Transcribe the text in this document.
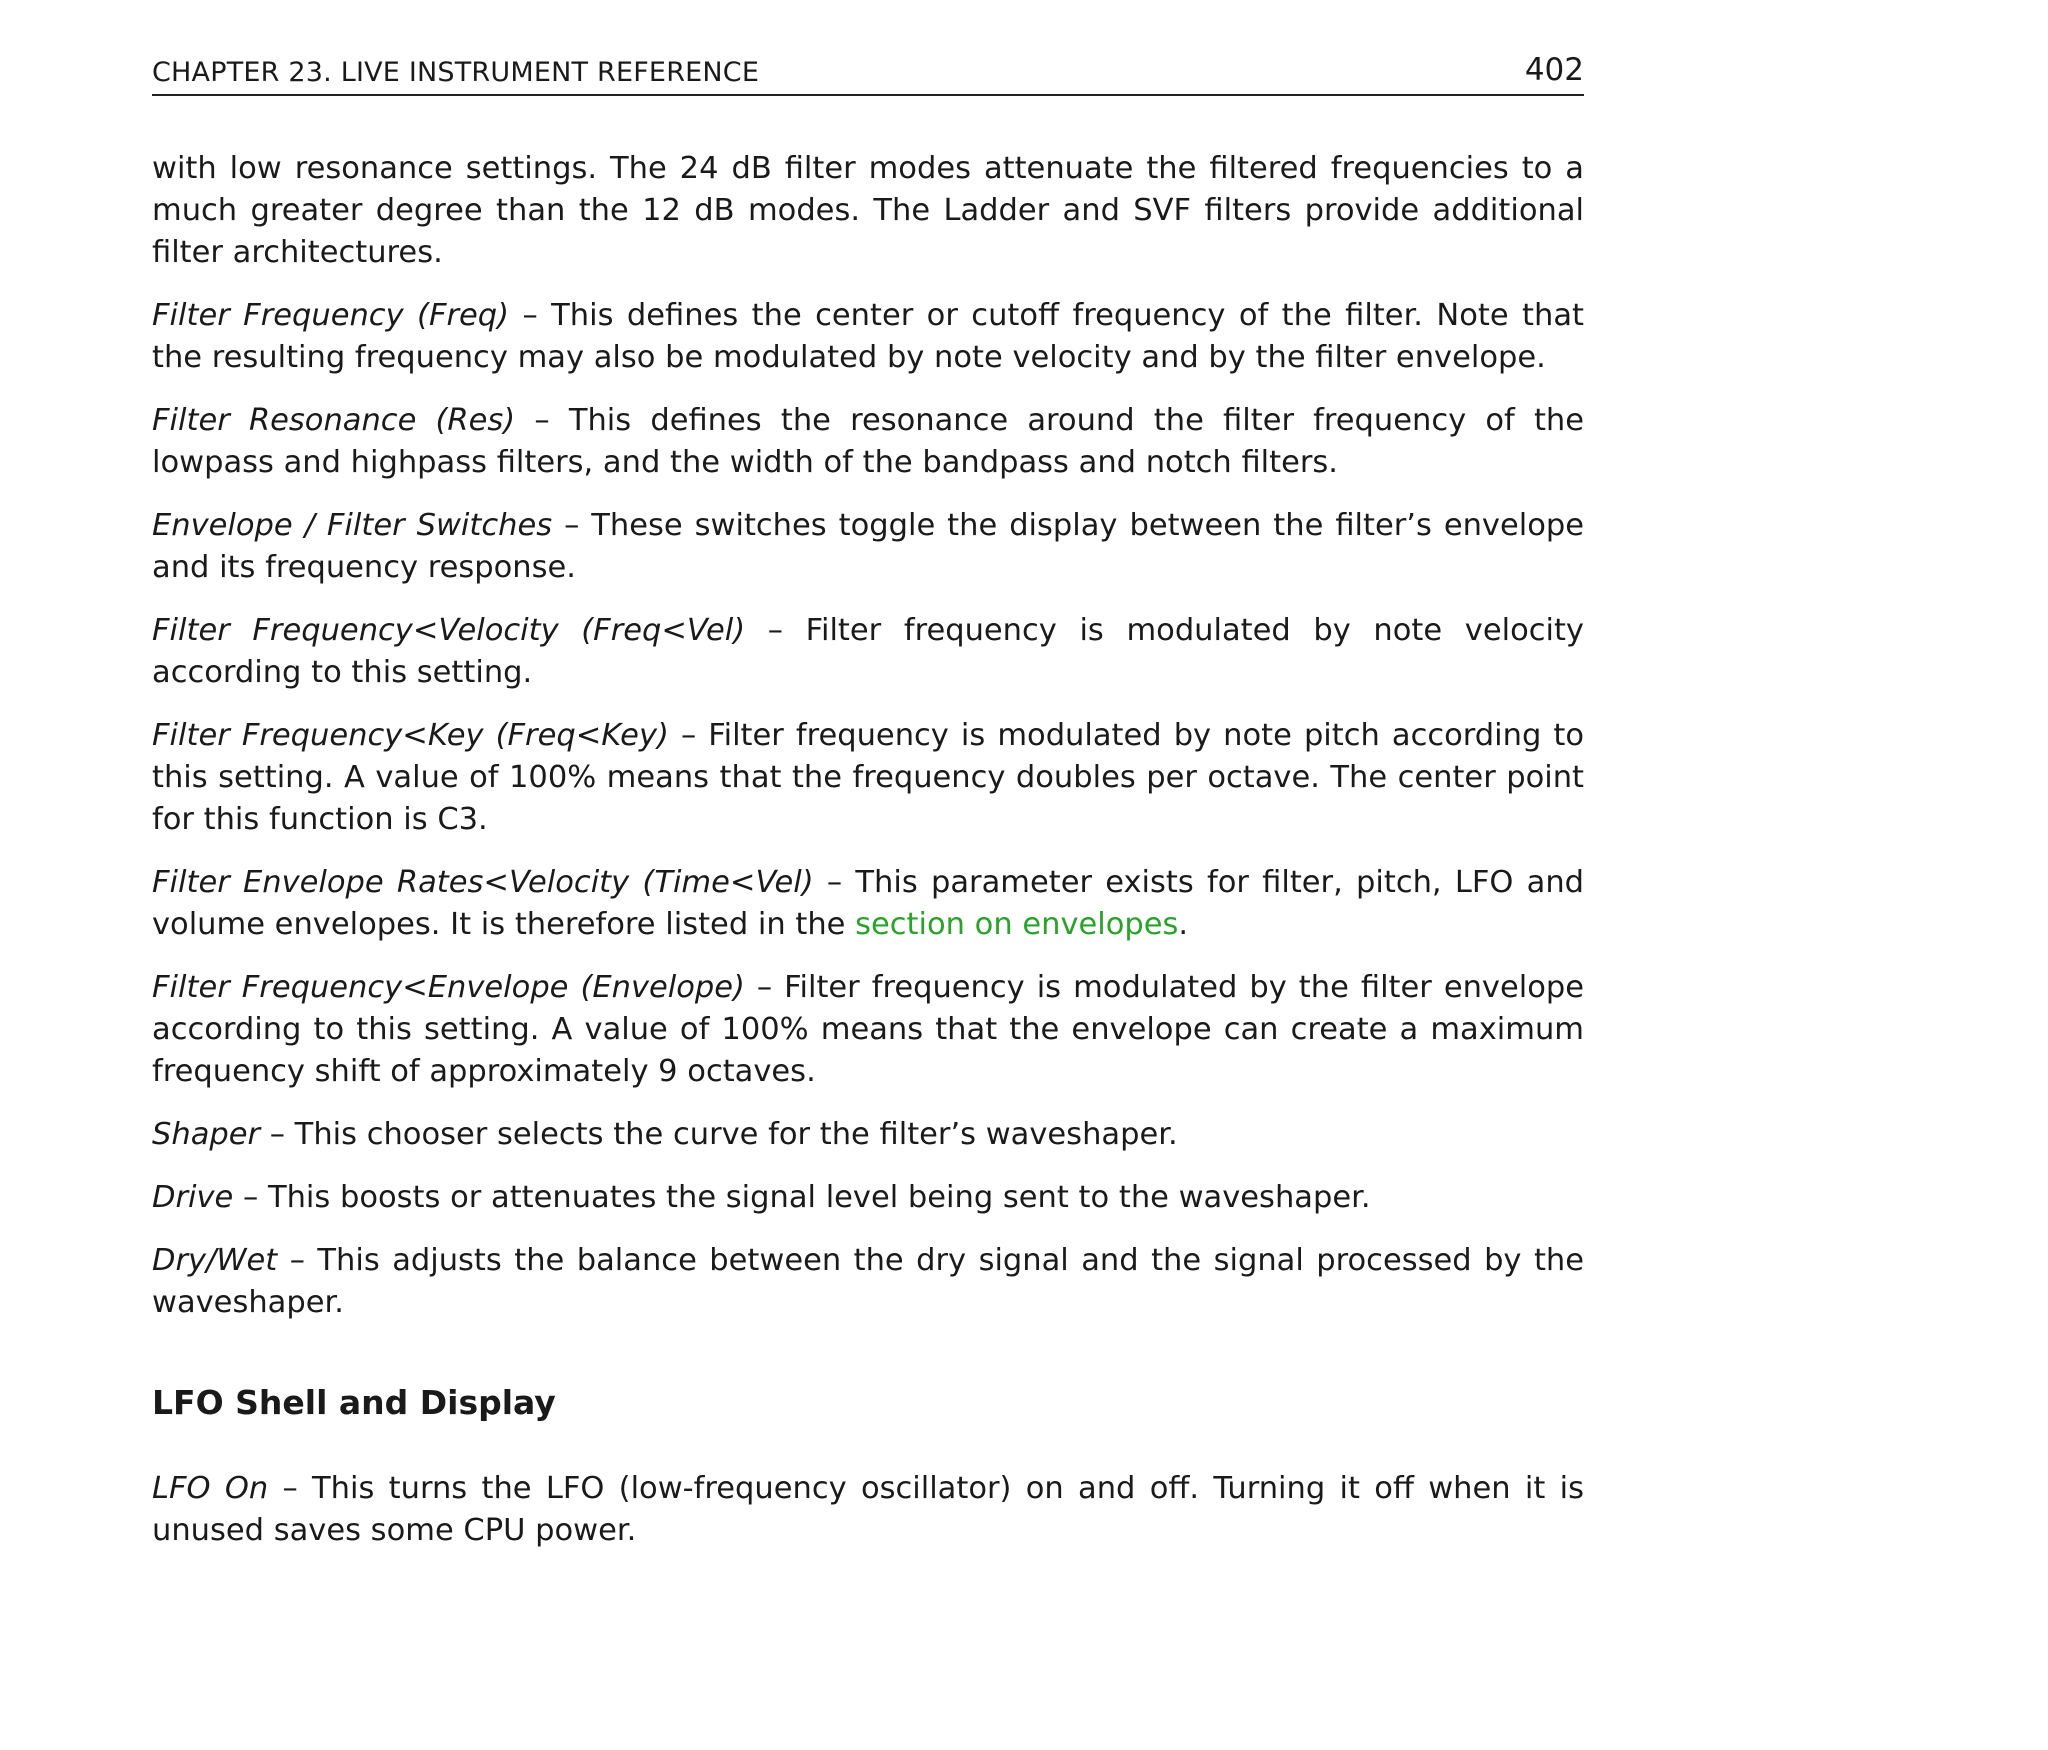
CHAPTER 23. LIVE INSTRUMENT REFERENCE	402

with low resonance settings. The 24 dB filter modes attenuate the filtered frequencies to a much greater degree than the 12 dB modes. The Ladder and SVF filters provide additional filter architectures.

Filter Frequency (Freq) – This defines the center or cutoff frequency of the filter. Note that the resulting frequency may also be modulated by note velocity and by the filter envelope.

Filter Resonance (Res) – This defines the resonance around the filter frequency of the lowpass and highpass filters, and the width of the bandpass and notch filters.

Envelope / Filter Switches – These switches toggle the display between the filter’s envelope and its frequency response.

Filter Frequency<Velocity (Freq<Vel) – Filter frequency is modulated by note velocity according to this setting.

Filter Frequency<Key (Freq<Key) – Filter frequency is modulated by note pitch according to this setting. A value of 100% means that the frequency doubles per octave. The center point for this function is C3.

Filter Envelope Rates<Velocity (Time<Vel) – This parameter exists for filter, pitch, LFO and volume envelopes. It is therefore listed in the section on envelopes.

Filter Frequency<Envelope (Envelope) – Filter frequency is modulated by the filter envelope according to this setting. A value of 100% means that the envelope can create a maximum frequency shift of approximately 9 octaves.

Shaper – This chooser selects the curve for the filter’s waveshaper.

Drive – This boosts or attenuates the signal level being sent to the waveshaper.

Dry/Wet – This adjusts the balance between the dry signal and the signal processed by the waveshaper.

LFO Shell and Display

LFO On – This turns the LFO (low-frequency oscillator) on and off. Turning it off when it is unused saves some CPU power.
